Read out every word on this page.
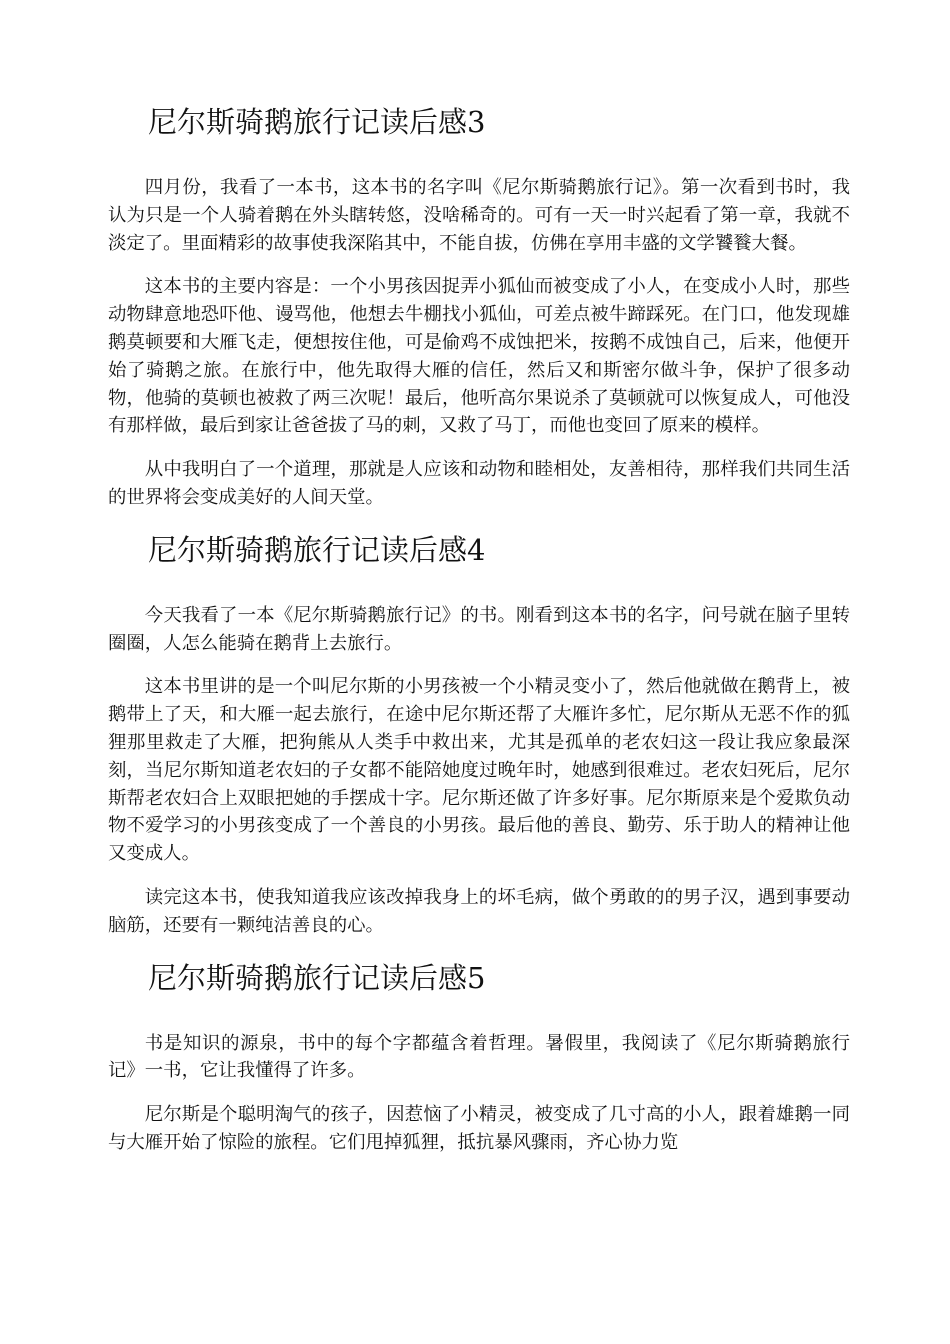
尼尔斯骑鹅旅行记读后感3

四月份，我看了一本书，这本书的名字叫《尼尔斯骑鹅旅行记》。第一次看到书时，我认为只是一个人骑着鹅在外头瞎转悠，没啥稀奇的。可有一天一时兴起看了第一章，我就不淡定了。里面精彩的故事使我深陷其中，不能自拔，仿佛在享用丰盛的文学饕餮大餐。

这本书的主要内容是：一个小男孩因捉弄小狐仙而被变成了小人，在变成小人时，那些动物肆意地恐吓他、谩骂他，他想去牛棚找小狐仙，可差点被牛蹄踩死。在门口，他发现雄鹅莫顿要和大雁飞走，便想按住他，可是偷鸡不成蚀把米，按鹅不成蚀自己，后来，他便开始了骑鹅之旅。在旅行中，他先取得大雁的信任，然后又和斯密尔做斗争，保护了很多动物，他骑的莫顿也被救了两三次呢！最后，他听高尔果说杀了莫顿就可以恢复成人，可他没有那样做，最后到家让爸爸拔了马的刺，又救了马丁，而他也变回了原来的模样。

从中我明白了一个道理，那就是人应该和动物和睦相处，友善相待，那样我们共同生活的世界将会变成美好的人间天堂。

尼尔斯骑鹅旅行记读后感4

今天我看了一本《尼尔斯骑鹅旅行记》的书。刚看到这本书的名字，问号就在脑子里转圈圈，人怎么能骑在鹅背上去旅行。

这本书里讲的是一个叫尼尔斯的小男孩被一个小精灵变小了，然后他就做在鹅背上，被鹅带上了天，和大雁一起去旅行，在途中尼尔斯还帮了大雁许多忙，尼尔斯从无恶不作的狐狸那里救走了大雁，把狗熊从人类手中救出来，尤其是孤单的老农妇这一段让我应象最深刻，当尼尔斯知道老农妇的子女都不能陪她度过晚年时，她感到很难过。老农妇死后，尼尔斯帮老农妇合上双眼把她的手摆成十字。尼尔斯还做了许多好事。尼尔斯原来是个爱欺负动物不爱学习的小男孩变成了一个善良的小男孩。最后他的善良、勤劳、乐于助人的精神让他又变成人。

读完这本书，使我知道我应该改掉我身上的坏毛病，做个勇敢的的男子汉，遇到事要动脑筋，还要有一颗纯洁善良的心。

尼尔斯骑鹅旅行记读后感5

书是知识的源泉，书中的每个字都蕴含着哲理。暑假里，我阅读了《尼尔斯骑鹅旅行记》一书，它让我懂得了许多。

尼尔斯是个聪明淘气的孩子，因惹恼了小精灵，被变成了几寸高的小人，跟着雄鹅一同与大雁开始了惊险的旅程。它们甩掉狐狸，抵抗暴风骤雨，齐心协力览
